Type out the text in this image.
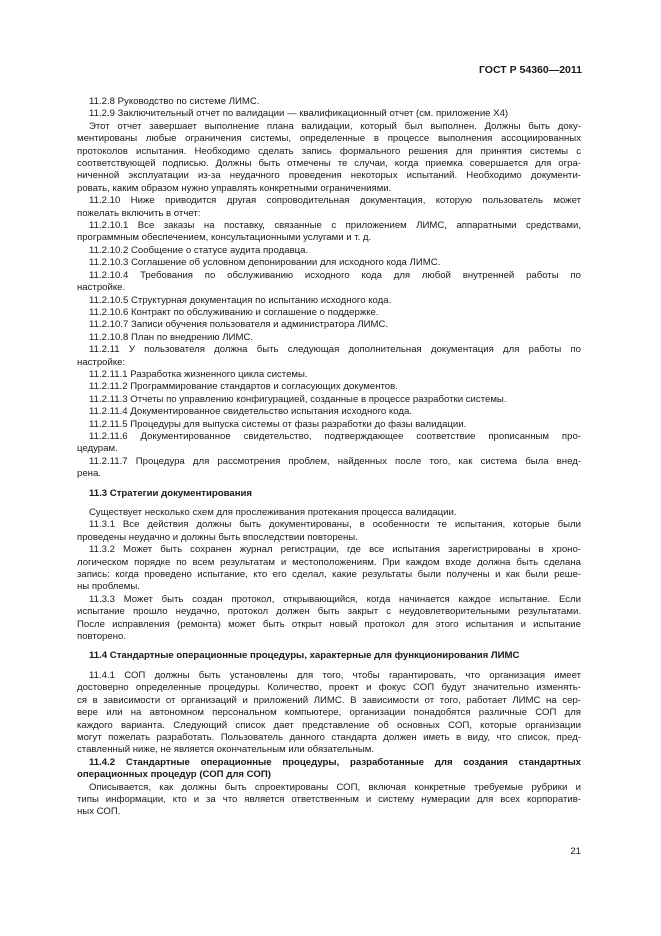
ГОСТ Р 54360—2011
11.2.8 Руководство по системе ЛИМС.
11.2.9 Заключительный отчет по валидации — квалификационный отчет (см. приложение X4)
Этот отчет завершает выполнение плана валидации, который был выполнен. Должны быть доку-
ментированы любые ограничения системы, определенные в процессе выполнения ассоциированных
протоколов испытания. Необходимо сделать запись формального решения для принятия системы с
соответствующей подписью. Должны быть отмечены те случаи, когда приемка совершается для огра-
ниченной эксплуатации из-за неудачного проведения некоторых испытаний. Необходимо документи-
ровать, каким образом нужно управлять конкретными ограничениями.
11.2.10 Ниже приводится другая сопроводительная документация, которую пользователь может
пожелать включить в отчет:
11.2.10.1 Все заказы на поставку, связанные с приложением ЛИМС, аппаратными средствами,
программным обеспечением, консультационными услугами и т. д.
11.2.10.2 Сообщение о статусе аудита продавца.
11.2.10.3 Соглашение об условном депонировании для исходного кода ЛИМС.
11.2.10.4 Требования по обслуживанию исходного кода для любой внутренней работы по
настройке.
11.2.10.5 Структурная документация по испытанию исходного кода.
11.2.10.6 Контракт по обслуживанию и соглашение о поддержке.
11.2.10.7 Записи обучения пользователя и администратора ЛИМС.
11.2.10.8 План по внедрению ЛИМС.
11.2.11 У пользователя должна быть следующая дополнительная документация для работы по
настройке:
11.2.11.1 Разработка жизненного цикла системы.
11.2.11.2 Программирование стандартов и согласующих документов.
11.2.11.3 Отчеты по управлению конфигурацией, созданные в процессе разработки системы.
11.2.11.4 Документированное свидетельство испытания исходного кода.
11.2.11.5 Процедуры для выпуска системы от фазы разработки до фазы валидации.
11.2.11.6 Документированное свидетельство, подтверждающее соответствие прописанным про-
цедурам.
11.2.11.7 Процедура для рассмотрения проблем, найденных после того, как система была внед-
рена.
11.3 Стратегии документирования
Существует несколько схем для прослеживания протекания процесса валидации.
11.3.1 Все действия должны быть документированы, в особенности те испытания, которые были
проведены неудачно и должны быть впоследствии повторены.
11.3.2 Может быть сохранен журнал регистрации, где все испытания зарегистрированы в хроно-
логическом порядке по всем результатам и местоположениям. При каждом входе должна быть сделана
запись: когда проведено испытание, кто его сделал, какие результаты были получены и как были реше-
ны проблемы.
11.3.3 Может быть создан протокол, открывающийся, когда начинается каждое испытание. Если
испытание прошло неудачно, протокол должен быть закрыт с неудовлетворительными результатами.
После исправления (ремонта) может быть открыт новый протокол для этого испытания и испытание
повторено.
11.4 Стандартные операционные процедуры, характерные для функционирования ЛИМС
11.4.1 СОП должны быть установлены для того, чтобы гарантировать, что организация имеет
достоверно определенные процедуры. Количество, проект и фокус СОП будут значительно изменять-
ся в зависимости от организаций и приложений ЛИМС. В зависимости от того, работает ЛИМС на сер-
вере или на автономном персональном компьютере, организации понадобятся различные СОП для
каждого варианта. Следующий список дает представление об основных СОП, которые организации
могут пожелать разработать. Пользователь данного стандарта должен иметь в виду, что список, пред-
ставленный ниже, не является окончательным или обязательным.
11.4.2 Стандартные операционные процедуры, разработанные для создания стандартных
операционных процедур (СОП для СОП)
Описывается, как должны быть спроектированы СОП, включая конкретные требуемые рубрики и
типы информации, кто и за что является ответственным и систему нумерации для всех корпоратив-
ных СОП.
21
